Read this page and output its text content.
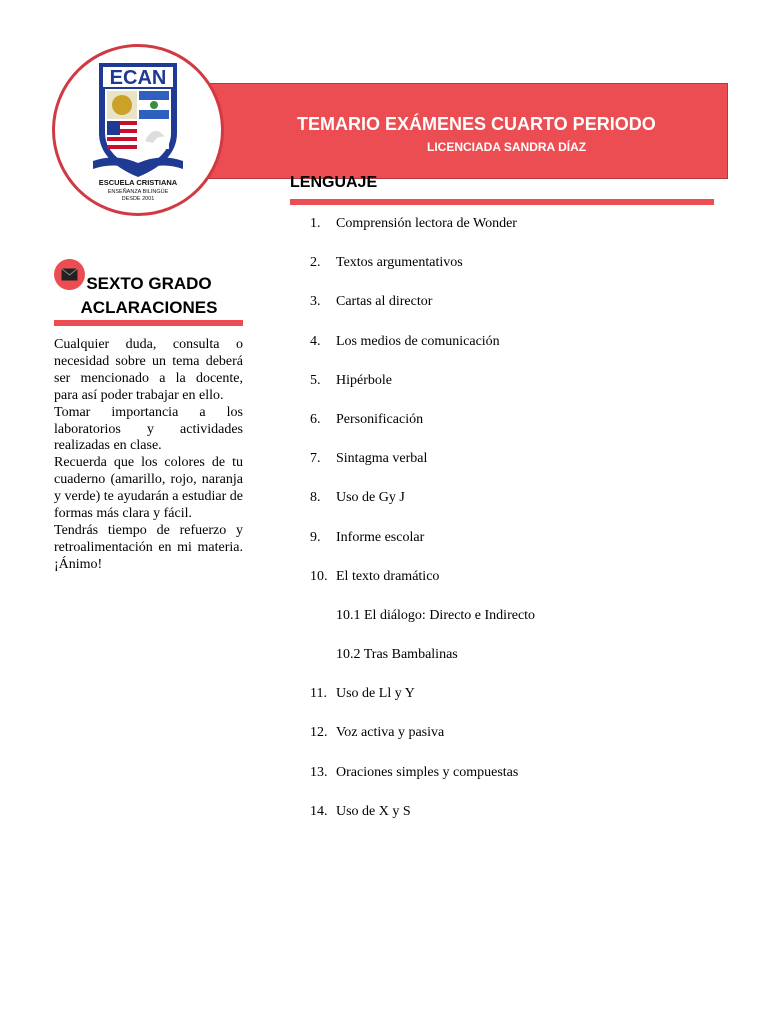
TEMARIO EXÁMENES CUARTO PERIODO
LICENCIADA SANDRA DÍAZ
ECAN
ESCUELA CRISTIANA
ENSEÑANZA BILINGÜE
DESDE 2001
LENGUAJE
1. Comprensión lectora de Wonder
2. Textos argumentativos
3. Cartas al director
4. Los medios de comunicación
5. Hipérbole
6. Personificación
7. Sintagma verbal
8. Uso de Gy J
9. Informe escolar
10. El texto dramático
10.1 El diálogo: Directo e Indirecto
10.2 Tras Bambalinas
11. Uso de Ll y Y
12. Voz activa y pasiva
13. Oraciones simples y compuestas
14. Uso de X y S
SEXTO GRADO
ACLARACIONES

Cualquier duda, consulta o necesidad sobre un tema deberá ser mencionado a la docente, para así poder trabajar en ello.

Tomar importancia a los laboratorios y actividades realizadas en clase.

Recuerda que los colores de tu cuaderno (amarillo, rojo, naranja y verde) te ayudarán a estudiar de formas más clara y fácil.

Tendrás tiempo de refuerzo y retroalimentación en mi materia. ¡Ánimo!
